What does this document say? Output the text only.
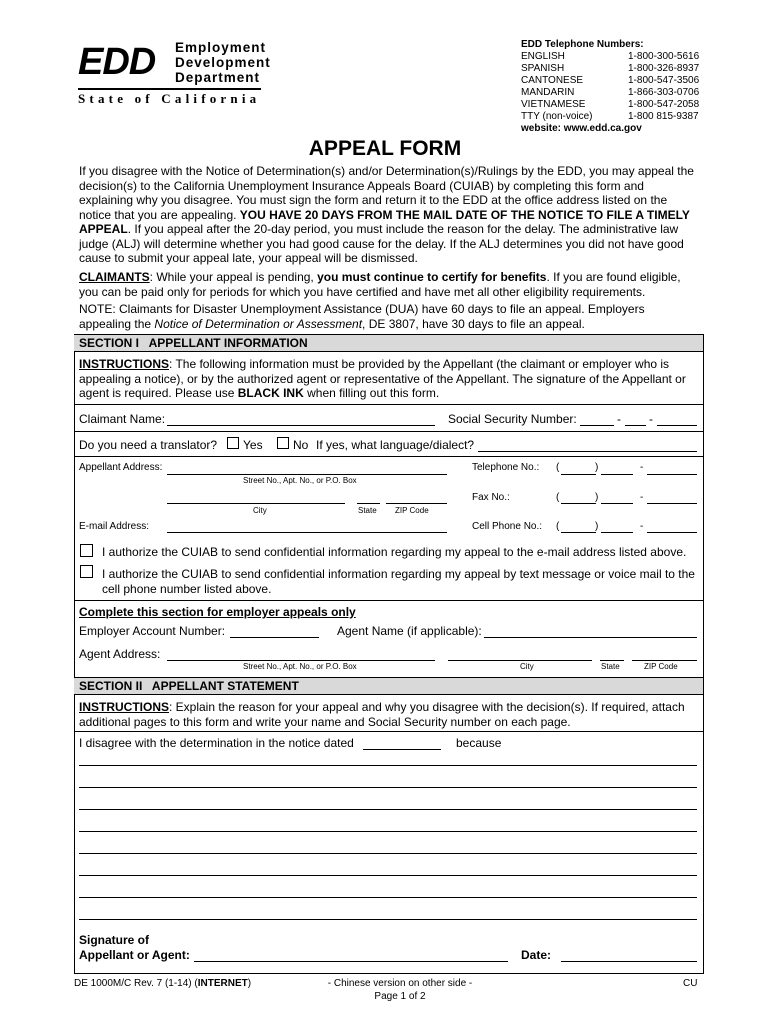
EDD Employment
Development
Department
State of California
EDD Telephone Numbers:
ENGLISH	1-800-300-5616
SPANISH	1-800-326-8937
CANTONESE	1-800-547-3506
MANDARIN	1-866-303-0706
VIETNAMESE	1-800-547-2058
TTY (non-voice)	1-800 815-9387
website: www.edd.ca.gov
APPEAL FORM
If you disagree with the Notice of Determination(s) and/or Determination(s)/Rulings by the EDD, you may appeal the decision(s) to the California Unemployment Insurance Appeals Board (CUIAB) by completing this form and explaining why you disagree. You must sign the form and return it to the EDD at the office address listed on the notice that you are appealing. YOU HAVE 20 DAYS FROM THE MAIL DATE OF THE NOTICE TO FILE A TIMELY APPEAL. If you appeal after the 20-day period, you must include the reason for the delay. The administrative law judge (ALJ) will determine whether you had good cause for the delay. If the ALJ determines you did not have good cause to submit your appeal late, your appeal will be dismissed.
CLAIMANTS: While your appeal is pending, you must continue to certify for benefits. If you are found eligible, you can be paid only for periods for which you have certified and have met all other eligibility requirements.
NOTE: Claimants for Disaster Unemployment Assistance (DUA) have 60 days to file an appeal. Employers appealing the Notice of Determination or Assessment, DE 3807, have 30 days to file an appeal.
SECTION I   APPELLANT INFORMATION
INSTRUCTIONS: The following information must be provided by the Appellant (the claimant or employer who is appealing a notice), or by the authorized agent or representative of the Appellant. The signature of the Appellant or agent is required. Please use BLACK INK when filling out this form.
Claimant Name:	Social Security Number:	- -
Do you need a translator? Yes	No If yes, what language/dialect?
Appellant Address:
Street No., Apt. No., or P.O. Box
City	State ZIP Code
E-mail Address:
Telephone No.: (	)	-
Fax No.:	(	)	-
Cell Phone No.: (	)	-
I authorize the CUIAB to send confidential information regarding my appeal to the e-mail address listed above.
I authorize the CUIAB to send confidential information regarding my appeal by text message or voice mail to the cell phone number listed above.
Complete this section for employer appeals only
Employer Account Number:	Agent Name (if applicable):
Agent Address:
Street No., Apt. No., or P.O. Box	City	State	ZIP Code
SECTION II   APPELLANT STATEMENT
INSTRUCTIONS: Explain the reason for your appeal and why you disagree with the decision(s). If required, attach additional pages to this form and write your name and Social Security number on each page.
I disagree with the determination in the notice dated	because
Signature of
Appellant or Agent:	Date:
DE 1000M/C Rev. 7 (1-14) (INTERNET)	- Chinese version on other side -
Page 1 of 2
CU
